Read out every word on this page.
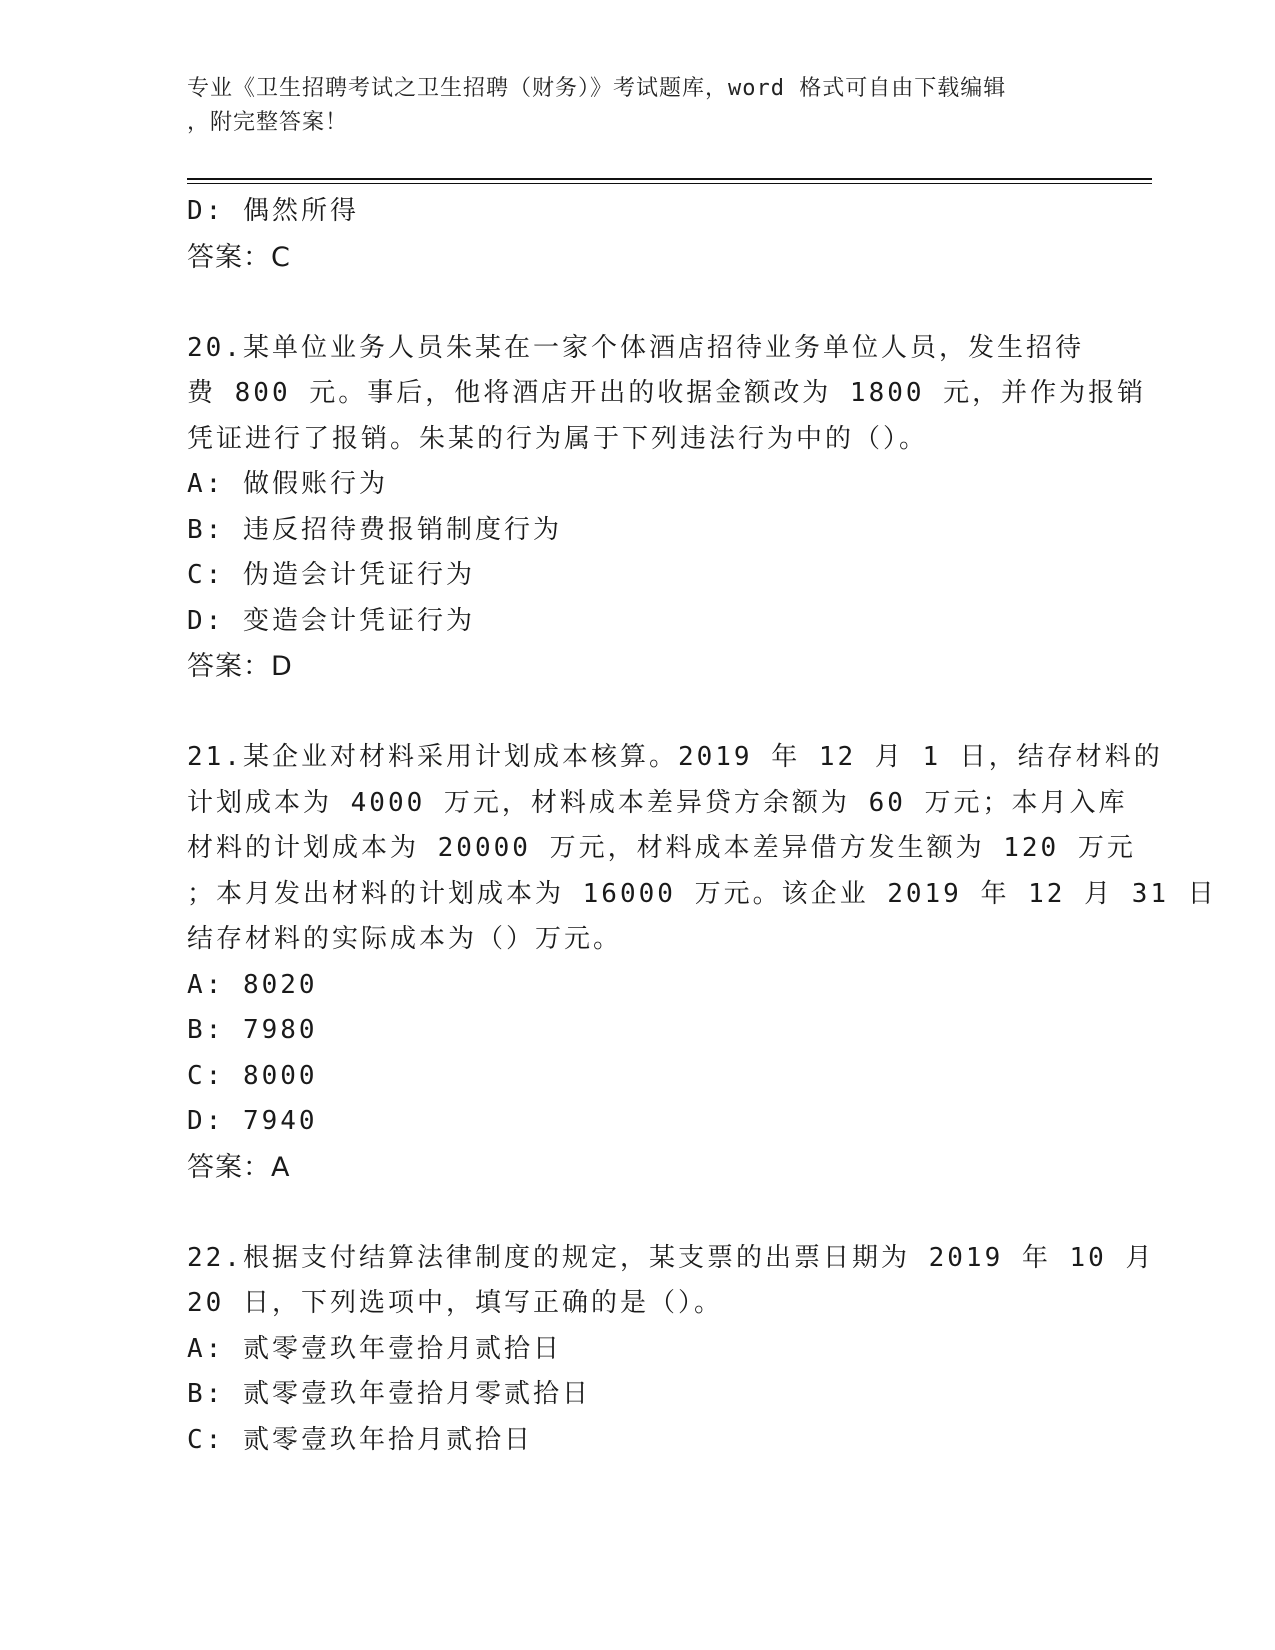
专业《卫生招聘考试之卫生招聘（财务）》考试题库，word 格式可自由下载编辑
，附完整答案！
D: 偶然所得
答案：C
20.某单位业务人员朱某在一家个体酒店招待业务单位人员，发生招待
费 800 元。事后，他将酒店开出的收据金额改为 1800 元，并作为报销
凭证进行了报销。朱某的行为属于下列违法行为中的（）。
A: 做假账行为
B: 违反招待费报销制度行为
C: 伪造会计凭证行为
D: 变造会计凭证行为
答案：D
21.某企业对材料采用计划成本核算。2019 年 12 月 1 日，结存材料的
计划成本为 4000 万元，材料成本差异贷方余额为 60 万元；本月入库
材料的计划成本为 20000 万元，材料成本差异借方发生额为 120 万元
；本月发出材料的计划成本为 16000 万元。该企业 2019 年 12 月 31 日
结存材料的实际成本为（）万元。
A: 8020
B: 7980
C: 8000
D: 7940
答案：A
22.根据支付结算法律制度的规定，某支票的出票日期为 2019 年 10 月
20 日，下列选项中，填写正确的是（）。
A: 贰零壹玖年壹拾月贰拾日
B: 贰零壹玖年壹拾月零贰拾日
C: 贰零壹玖年拾月贰拾日
